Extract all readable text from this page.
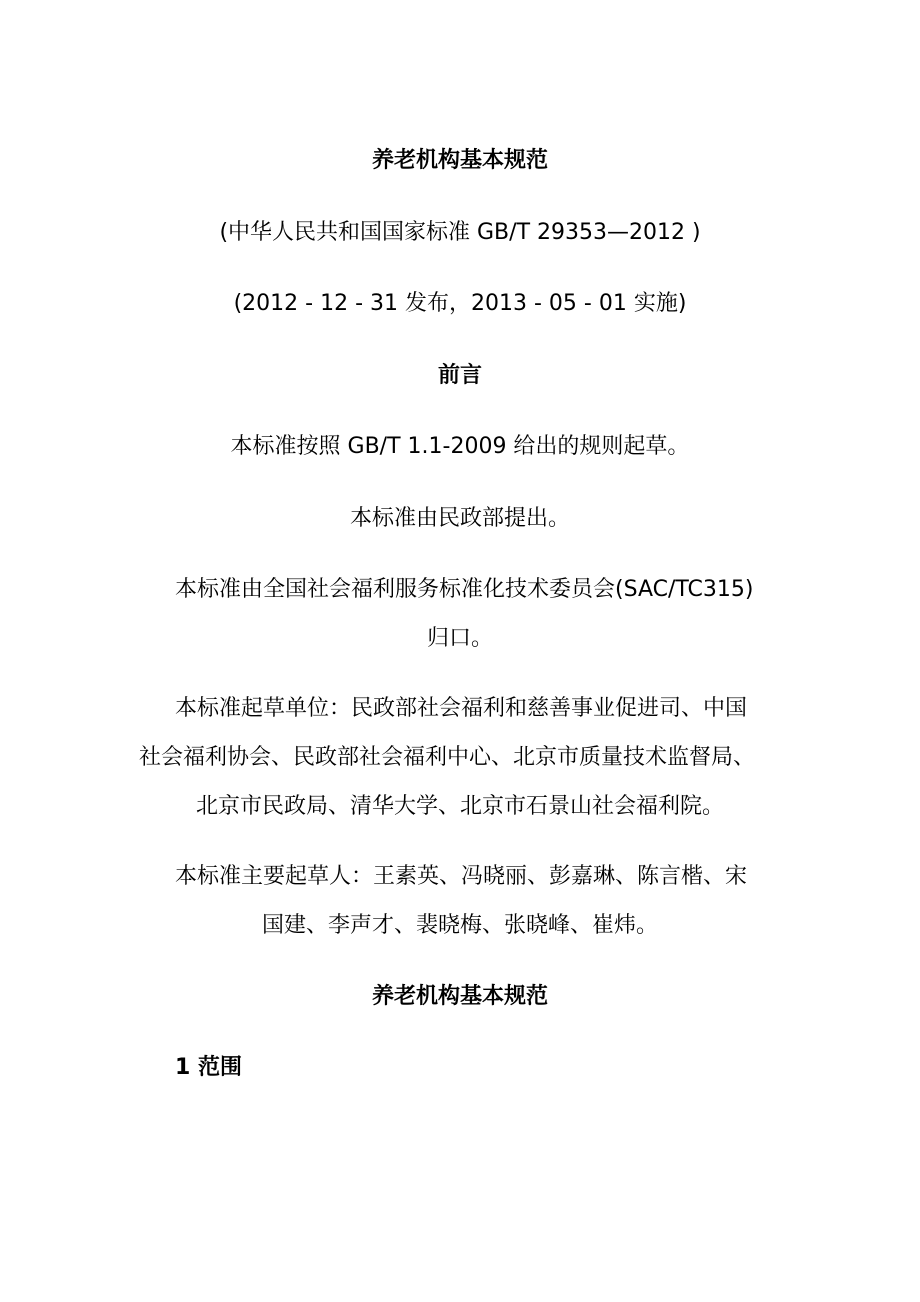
养老机构基本规范

(中华人民共和国国家标准 GB/T 29353—2012 )

(2012 - 12 - 31 发布，2013 - 05 - 01 实施)

前言

本标准按照 GB/T 1.1-2009 给出的规则起草。

本标准由民政部提出。

本标准由全国社会福利服务标准化技术委员会(SAC/TC315)

归口。

本标准起草单位：民政部社会福利和慈善事业促进司、中国

社会福利协会、民政部社会福利中心、北京市质量技术监督局、

北京市民政局、清华大学、北京市石景山社会福利院。

本标准主要起草人：王素英、冯晓丽、彭嘉琳、陈言楷、宋

国建、李声才、裴晓梅、张晓峰、崔炜。

养老机构基本规范

1 范围
